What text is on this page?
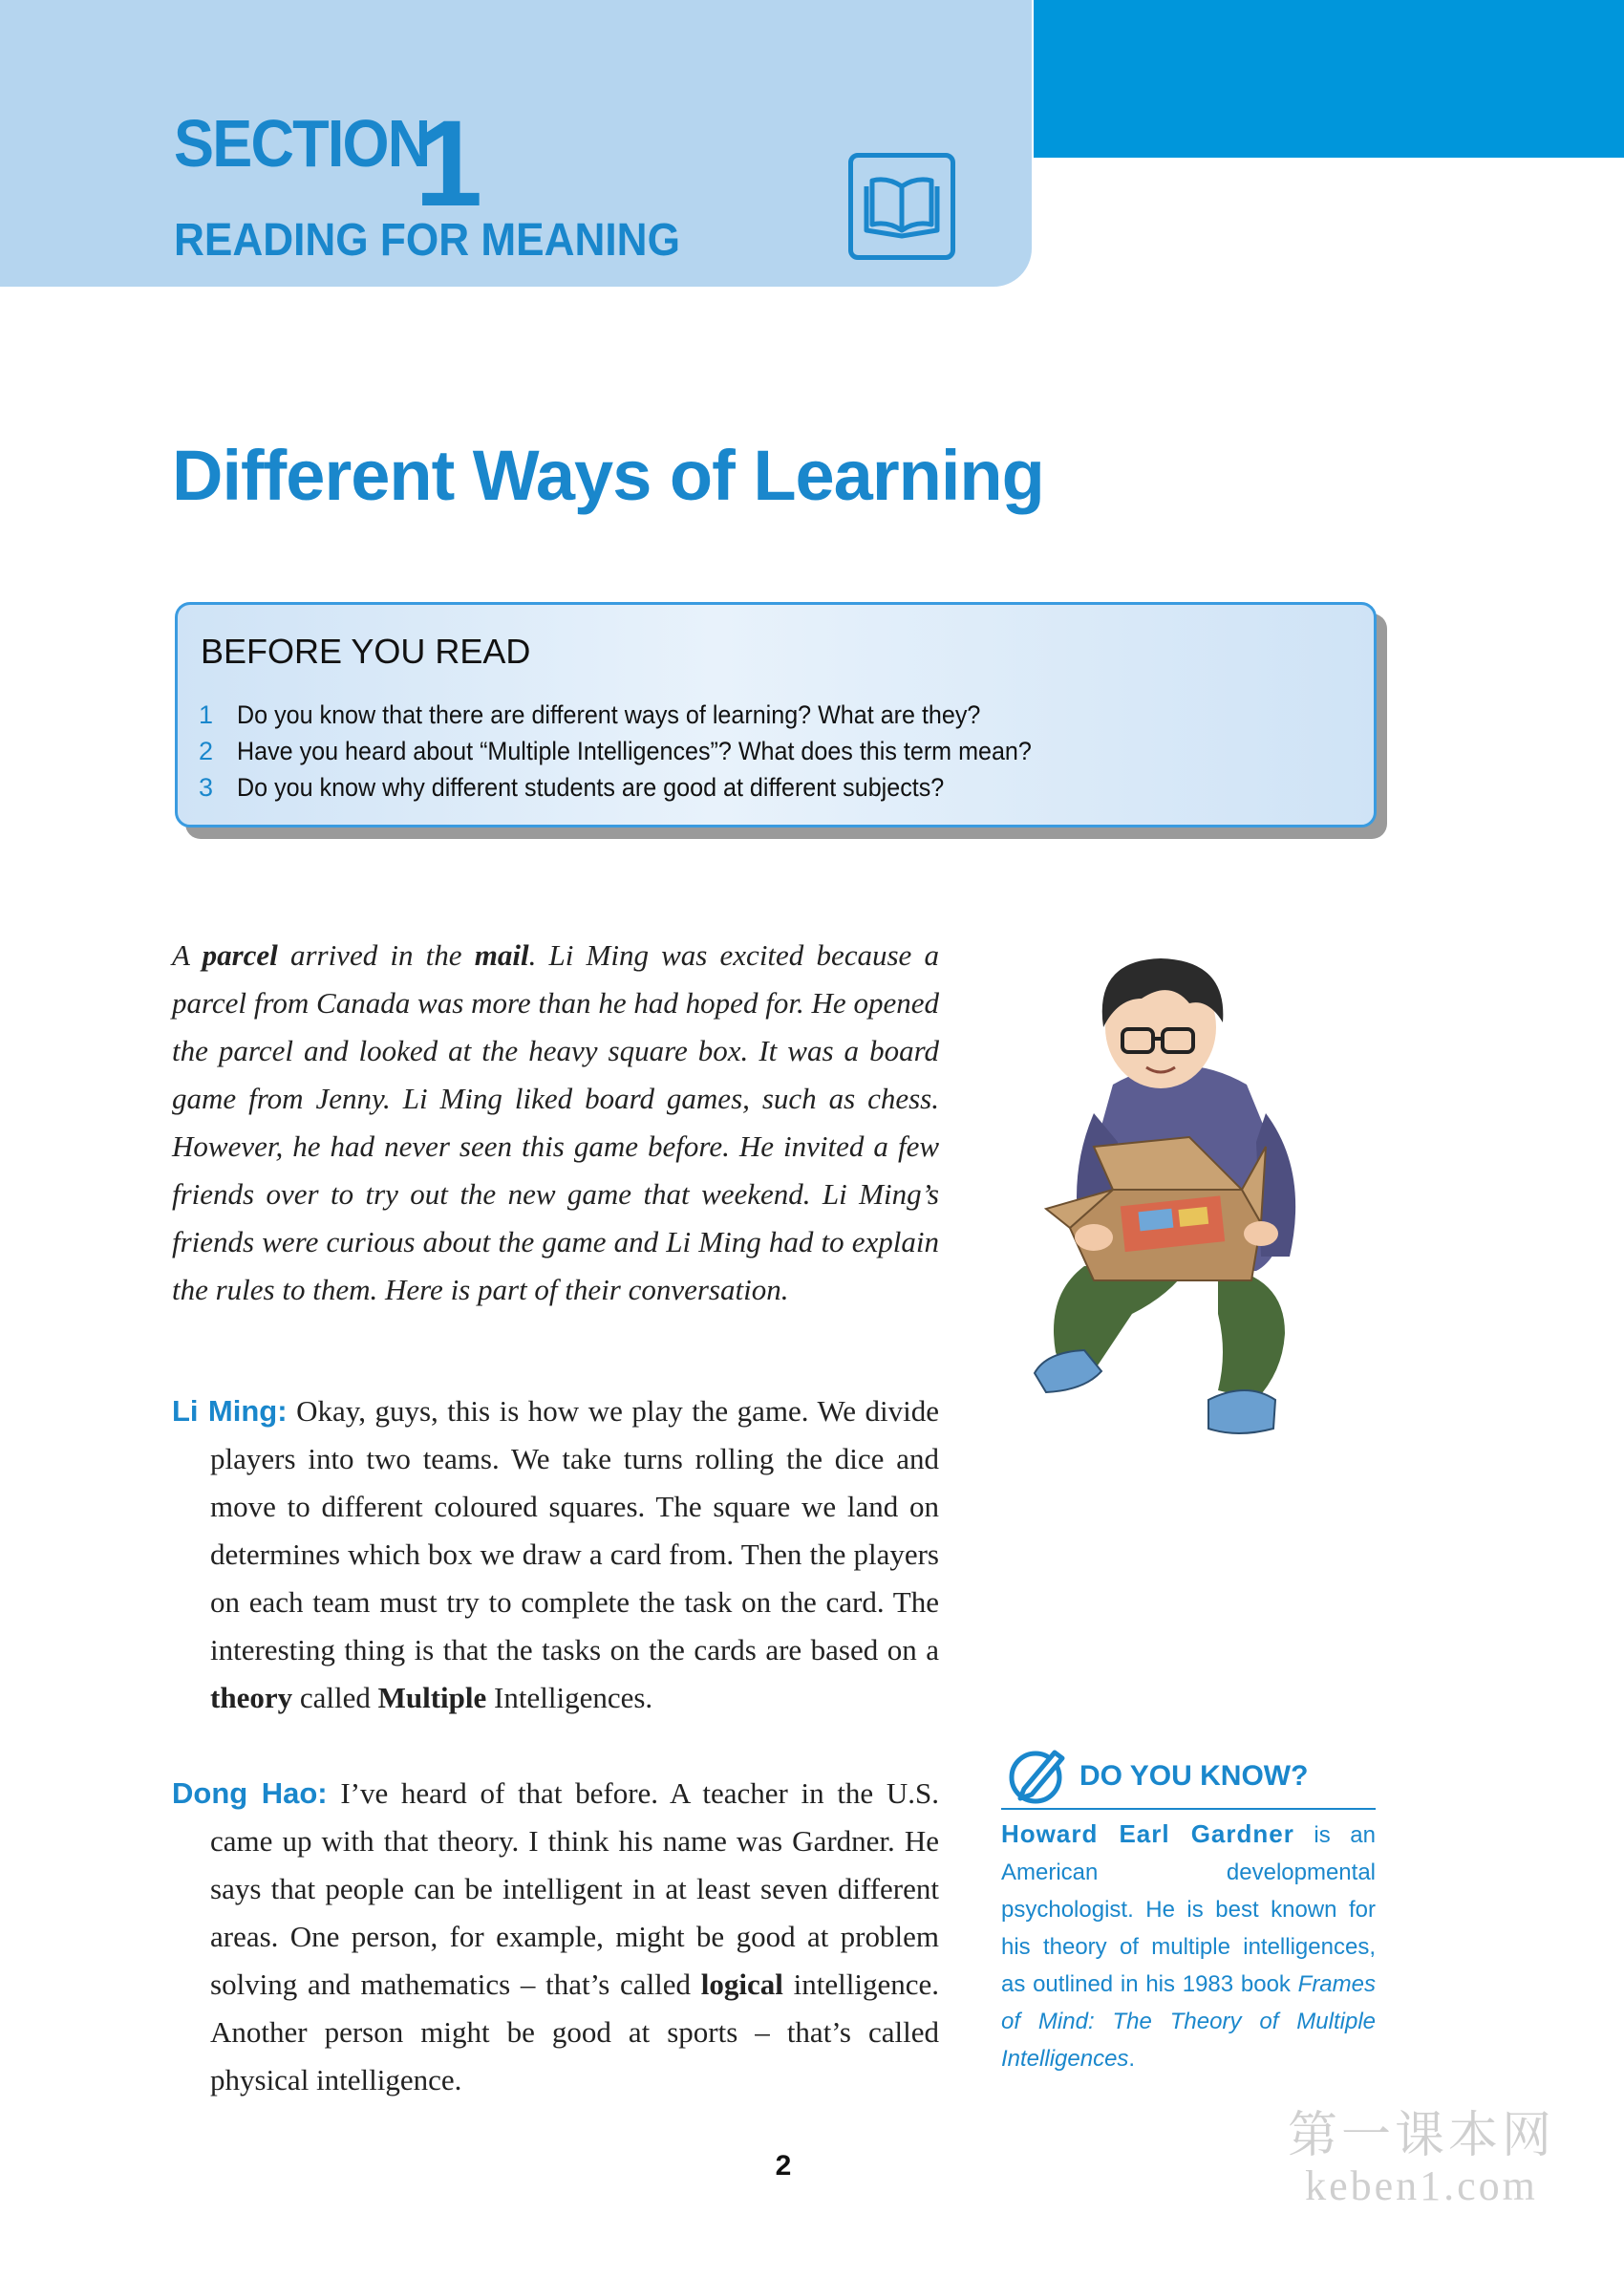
SECTION
1
READING FOR MEANING
Different Ways of Learning
BEFORE YOU READ
1 Do you know that there are different ways of learning? What are they?
2 Have you heard about “Multiple Intelligences”? What does this term mean?
3 Do you know why different students are good at different subjects?

A parcel arrived in the mail. Li Ming was excited because a parcel from Canada was more than he had hoped for. He opened the parcel and looked at the heavy square box. It was a board game from Jenny. Li Ming liked board games, such as chess. However, he had never seen this game before. He invited a few friends over to try out the new game that weekend. Li Ming’s friends were curious about the game and Li Ming had to explain the rules to them. Here is part of their conversation.

Li Ming: Okay, guys, this is how we play the game. We divide players into two teams. We take turns rolling the dice and move to different coloured squares. The square we land on determines which box we draw a card from. Then the players on each team must try to complete the task on the card. The interesting thing is that the tasks on the cards are based on a theory called Multiple Intelligences.

Dong Hao: I’ve heard of that before. A teacher in the U.S. came up with that theory. I think his name was Gardner. He says that people can be intelligent in at least seven different areas. One person, for example, might be good at problem solving and mathematics – that’s called logical intelligence. Another person might be good at sports – that’s called physical intelligence.

DO YOU KNOW?

Howard Earl Gardner is an American developmental psychologist. He is best known for his theory of multiple intelligences, as outlined in his 1983 book Frames of Mind: The Theory of Multiple Intelligences.

2
第一课本网
keben1.com
